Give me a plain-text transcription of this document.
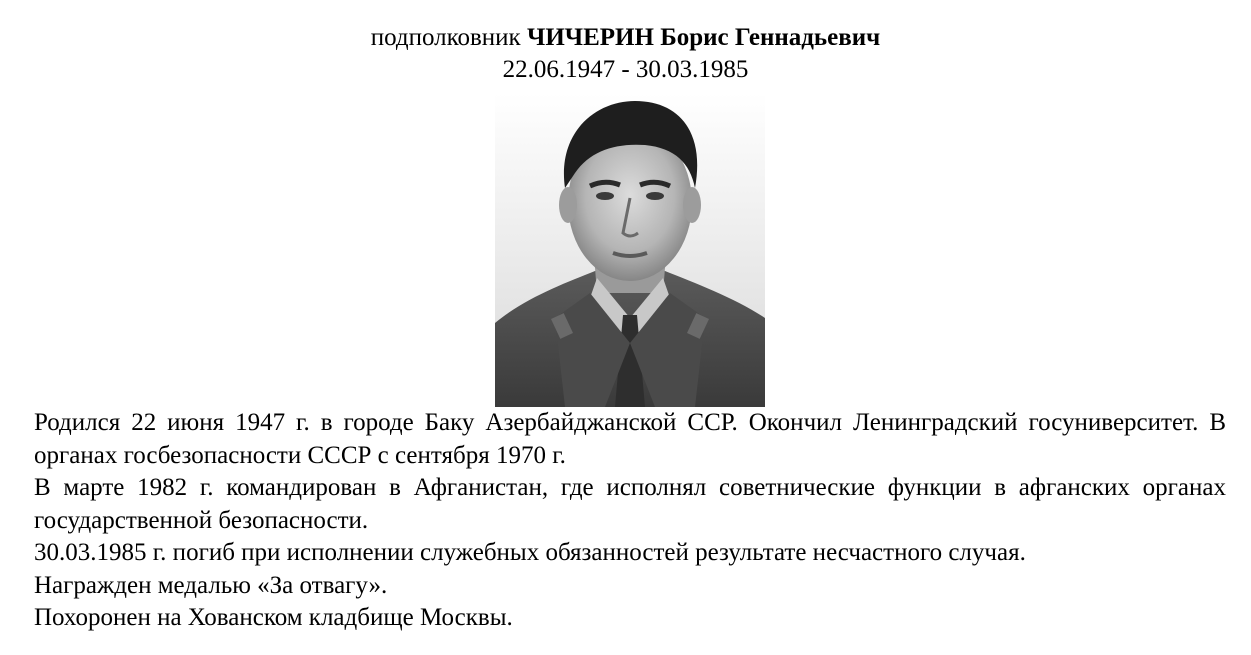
подполковник ЧИЧЕРИН Борис Геннадьевич
22.06.1947 - 30.03.1985

Родился 22 июня 1947 г. в городе Баку Азербайджанской ССР. Окончил Ленинградский госуниверситет. В органах госбезопасности СССР с сентября 1970 г.

В марте 1982 г. командирован в Афганистан, где исполнял советнические функции в афганских органах государственной безопасности.

30.03.1985 г. погиб при исполнении служебных обязанностей результате несчастного случая.

Награжден медалью «За отвагу».

Похоронен на Хованском кладбище Москвы.
